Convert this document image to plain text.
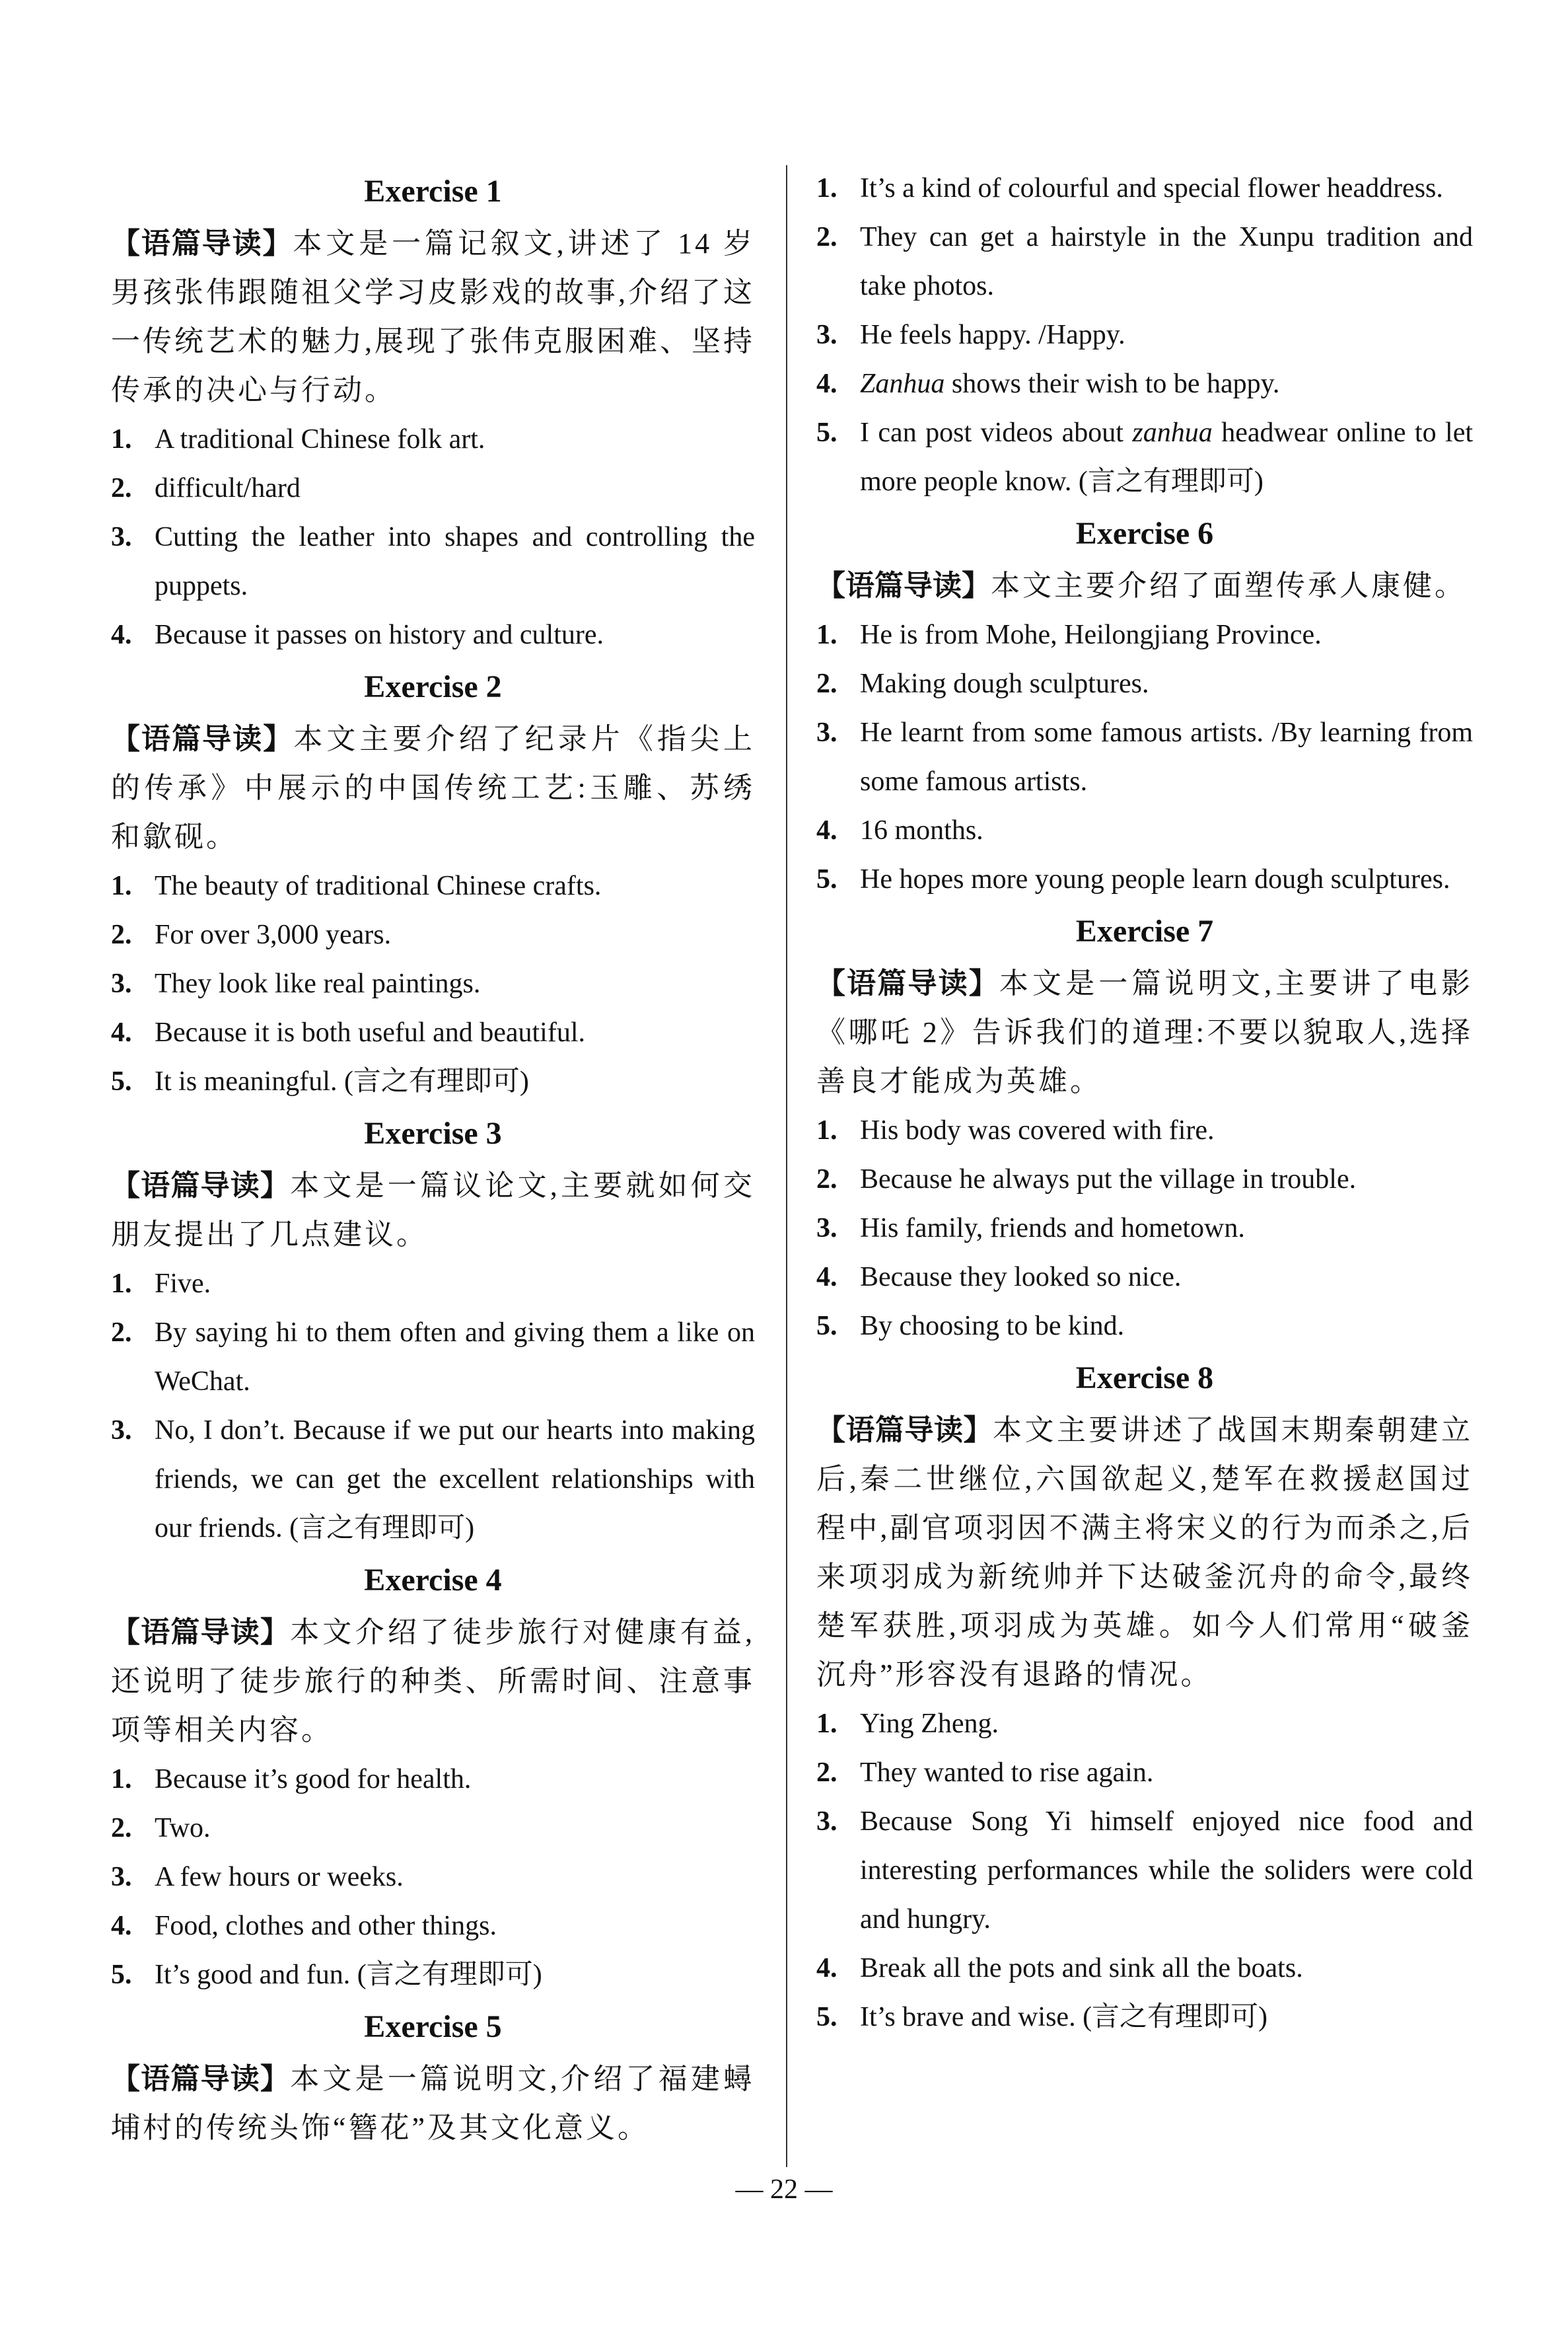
Exercise 1
【语篇导读】本文是一篇记叙文,讲述了 14 岁男孩张伟跟随祖父学习皮影戏的故事,介绍了这一传统艺术的魅力,展现了张伟克服困难、坚持传承的决心与行动。
1. A traditional Chinese folk art.
2. difficult/hard
3. Cutting the leather into shapes and controlling the puppets.
4. Because it passes on history and culture.
Exercise 2
【语篇导读】本文主要介绍了纪录片《指尖上的传承》中展示的中国传统工艺:玉雕、苏绣和歙砚。
1. The beauty of traditional Chinese crafts.
2. For over 3,000 years.
3. They look like real paintings.
4. Because it is both useful and beautiful.
5. It is meaningful. (言之有理即可)
Exercise 3
【语篇导读】本文是一篇议论文,主要就如何交朋友提出了几点建议。
1. Five.
2. By saying hi to them often and giving them a like on WeChat.
3. No, I don’t. Because if we put our hearts into making friends, we can get the excellent relationships with our friends. (言之有理即可)
Exercise 4
【语篇导读】本文介绍了徒步旅行对健康有益,还说明了徒步旅行的种类、所需时间、注意事项等相关内容。
1. Because it’s good for health.
2. Two.
3. A few hours or weeks.
4. Food, clothes and other things.
5. It’s good and fun. (言之有理即可)
Exercise 5
【语篇导读】本文是一篇说明文,介绍了福建蟳埔村的传统头饰“簪花”及其文化意义。
1. It’s a kind of colourful and special flower headdress.
2. They can get a hairstyle in the Xunpu tradition and take photos.
3. He feels happy. /Happy.
4. Zanhua shows their wish to be happy.
5. I can post videos about zanhua headwear online to let more people know. (言之有理即可)
Exercise 6
【语篇导读】本文主要介绍了面塑传承人康健。
1. He is from Mohe, Heilongjiang Province.
2. Making dough sculptures.
3. He learnt from some famous artists. /By learning from some famous artists.
4. 16 months.
5. He hopes more young people learn dough sculptures.
Exercise 7
【语篇导读】本文是一篇说明文,主要讲了电影《哪吒 2》告诉我们的道理:不要以貌取人,选择善良才能成为英雄。
1. His body was covered with fire.
2. Because he always put the village in trouble.
3. His family, friends and hometown.
4. Because they looked so nice.
5. By choosing to be kind.
Exercise 8
【语篇导读】本文主要讲述了战国末期秦朝建立后,秦二世继位,六国欲起义,楚军在救援赵国过程中,副官项羽因不满主将宋义的行为而杀之,后来项羽成为新统帅并下达破釜沉舟的命令,最终楚军获胜,项羽成为英雄。如今人们常用“破釜沉舟”形容没有退路的情况。
1. Ying Zheng.
2. They wanted to rise again.
3. Because Song Yi himself enjoyed nice food and interesting performances while the soliders were cold and hungry.
4. Break all the pots and sink all the boats.
5. It’s brave and wise. (言之有理即可)
— 22 —
